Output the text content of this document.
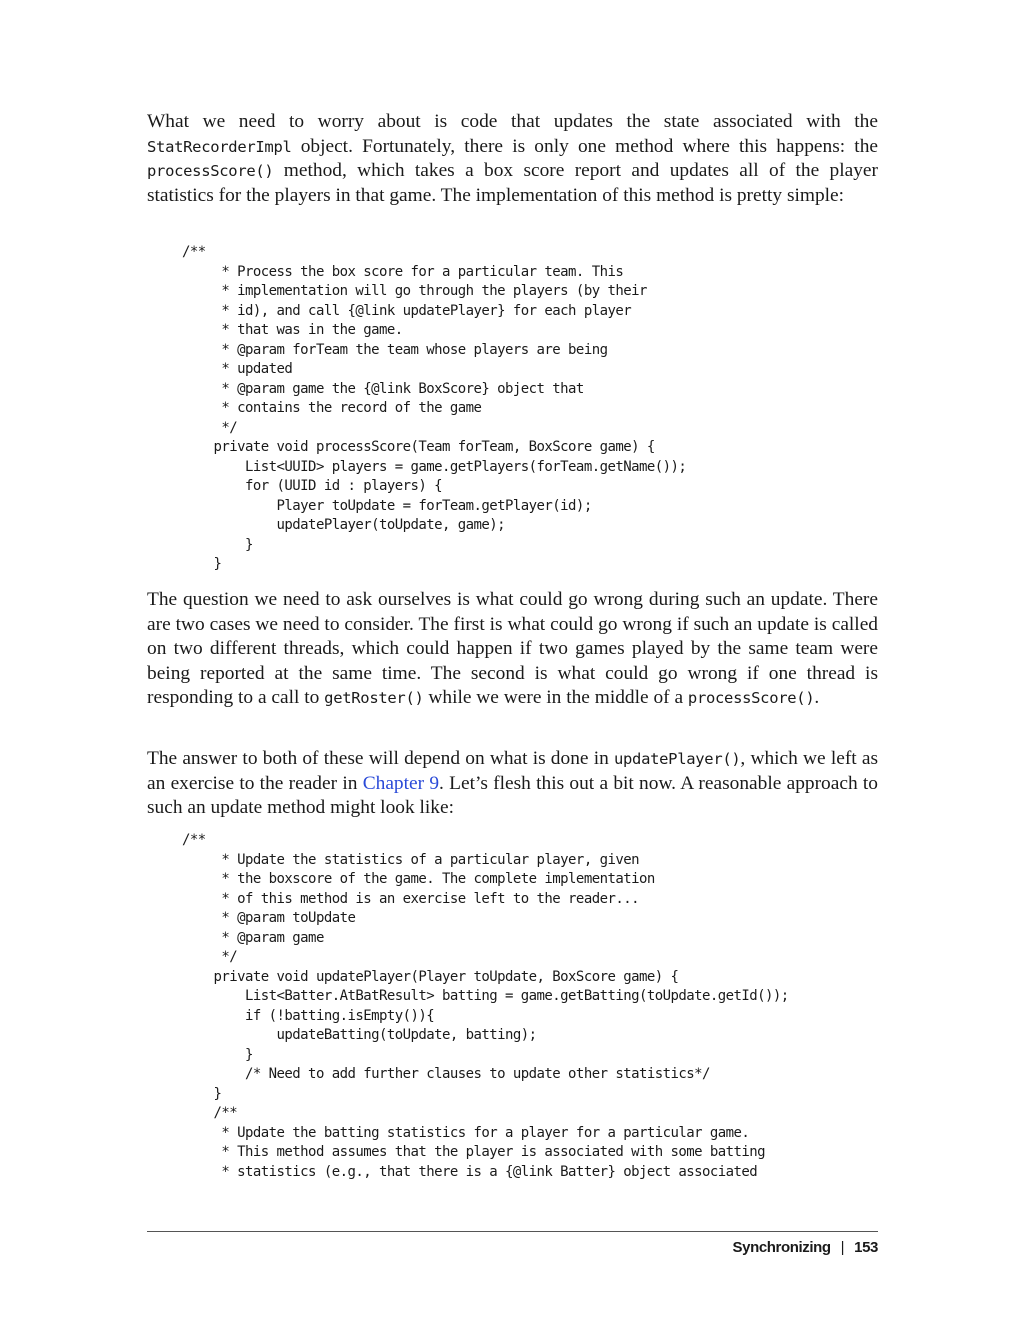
What we need to worry about is code that updates the state associated with the StatRecorderImpl object. Fortunately, there is only one method where this happens: the processScore() method, which takes a box score report and updates all of the player statistics for the players in that game. The implementation of this method is pretty simple:

/**
* Process the box score for a particular team. This
* implementation will go through the players (by their
* id), and call {@link updatePlayer} for each player
* that was in the game.
* @param forTeam the team whose players are being
* updated
* @param game the {@link BoxScore} object that
* contains the record of the game
*/
private void processScore(Team forTeam, BoxScore game) {
List<UUID> players = game.getPlayers(forTeam.getName());
for (UUID id : players) {
Player toUpdate = forTeam.getPlayer(id);
updatePlayer(toUpdate, game);
}
}

The question we need to ask ourselves is what could go wrong during such an update. There are two cases we need to consider. The first is what could go wrong if such an update is called on two different threads, which could happen if two games played by the same team were being reported at the same time. The second is what could go wrong if one thread is responding to a call to getRoster() while we were in the middle of a processScore().

The answer to both of these will depend on what is done in updatePlayer(), which we left as an exercise to the reader in Chapter 9. Let’s flesh this out a bit now. A reasonable approach to such an update method might look like:

/**
* Update the statistics of a particular player, given
* the boxscore of the game. The complete implementation
* of this method is an exercise left to the reader...
* @param toUpdate
* @param game
*/
private void updatePlayer(Player toUpdate, BoxScore game) {
List<Batter.AtBatResult> batting = game.getBatting(toUpdate.getId());
if (!batting.isEmpty()){
updateBatting(toUpdate, batting);
}
/* Need to add further clauses to update other statistics*/
}
/**
* Update the batting statistics for a player for a particular game.
* This method assumes that the player is associated with some batting
* statistics (e.g., that there is a {@link Batter} object associated
Synchronizing | 153
